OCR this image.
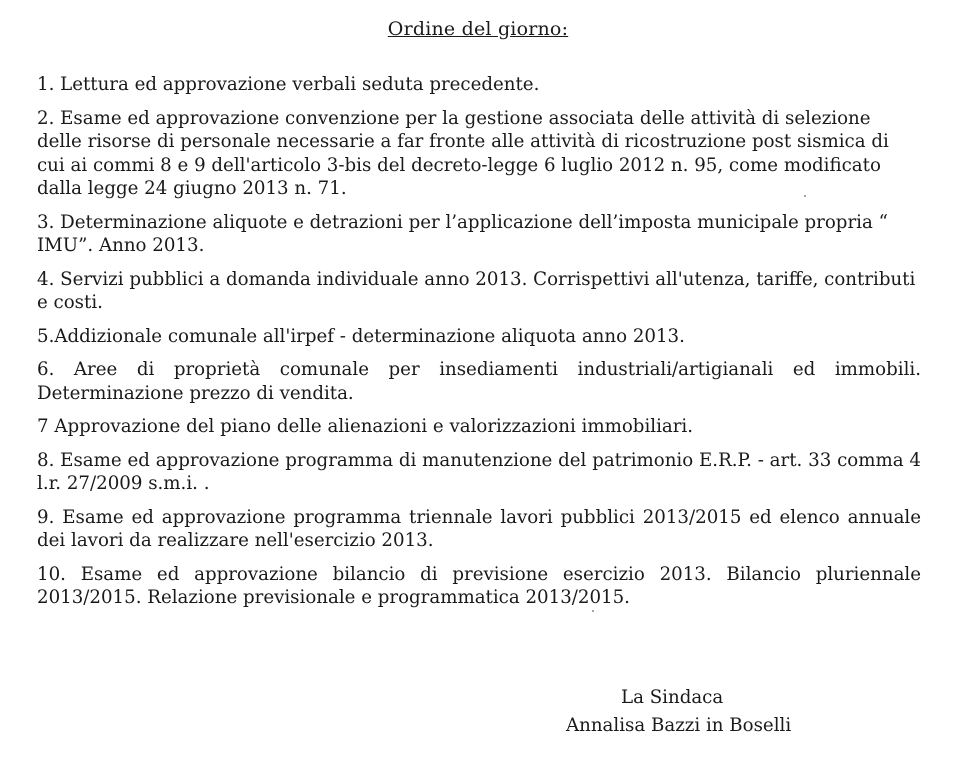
Ordine del giorno:
1. Lettura ed approvazione verbali seduta precedente.
2. Esame ed approvazione convenzione per la gestione associata delle attività di selezione delle risorse di personale necessarie a far fronte alle attività di ricostruzione post sismica di cui ai commi 8 e 9 dell'articolo 3-bis del decreto-legge 6 luglio 2012 n. 95, come modificato dalla legge 24 giugno 2013 n. 71.
3. Determinazione aliquote e detrazioni per l’applicazione dell’imposta municipale propria “ IMU”. Anno 2013.
4. Servizi pubblici a domanda individuale anno 2013. Corrispettivi all'utenza, tariffe, contributi e costi.
5.Addizionale comunale all'irpef - determinazione aliquota anno 2013.
6. Aree di proprietà comunale per insediamenti industriali/artigianali ed immobili. Determinazione prezzo di vendita.
7 Approvazione del piano delle alienazioni e valorizzazioni immobiliari.
8. Esame ed approvazione programma di manutenzione del patrimonio E.R.P. - art. 33 comma 4 l.r. 27/2009 s.m.i. .
9. Esame ed approvazione programma triennale lavori pubblici 2013/2015 ed elenco annuale dei lavori da realizzare nell'esercizio 2013.
10. Esame ed approvazione bilancio di previsione esercizio 2013. Bilancio pluriennale 2013/2015. Relazione previsionale e programmatica 2013/2015.
La Sindaca
Annalisa Bazzi in Boselli
